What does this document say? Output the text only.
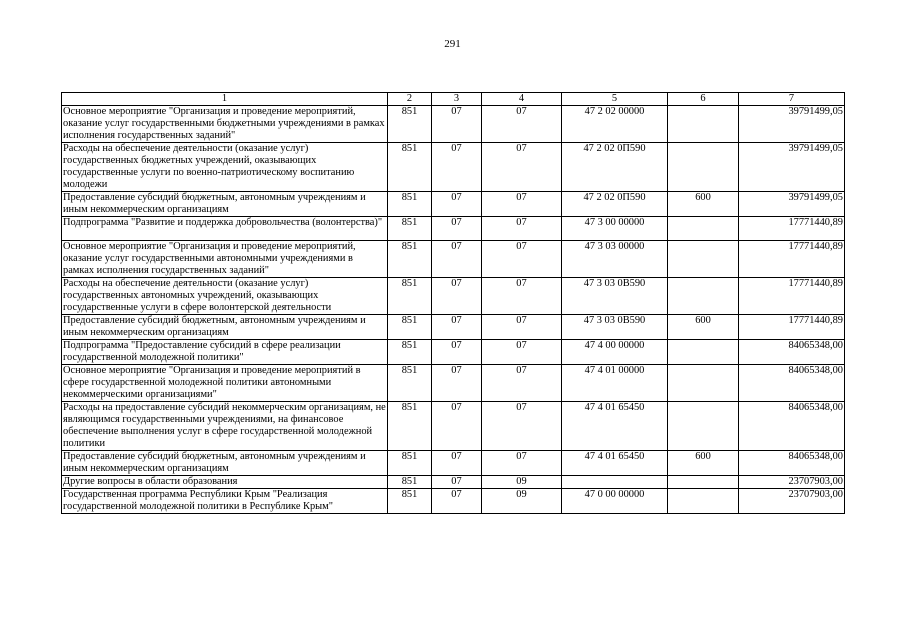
291
1	2	3	4	5	6	7
Основное мероприятие "Организация и проведение мероприятий, оказание услуг государственными бюджетными учреждениями в рамках исполнения государственных заданий"	851	07	07	47 2 02 00000		39791499,05
Расходы на обеспечение деятельности (оказание услуг) государственных бюджетных учреждений, оказывающих государственные услуги по военно-патриотическому воспитанию молодежи	851	07	07	47 2 02 0П590		39791499,05
Предоставление субсидий бюджетным, автономным учреждениям и иным некоммерческим организациям	851	07	07	47 2 02 0П590	600	39791499,05
Подпрограмма "Развитие и поддержка добровольчества (волонтерства)"	851	07	07	47 3 00 00000		17771440,89
Основное мероприятие "Организация и проведение мероприятий, оказание услуг государственными автономными учреждениями в рамках исполнения государственных заданий"	851	07	07	47 3 03 00000		17771440,89
Расходы на обеспечение деятельности (оказание услуг) государственных автономных учреждений, оказывающих государственные услуги в сфере волонтерской деятельности	851	07	07	47 3 03 0В590		17771440,89
Предоставление субсидий бюджетным, автономным учреждениям и иным некоммерческим организациям	851	07	07	47 3 03 0В590	600	17771440,89
Подпрограмма "Предоставление субсидий в сфере реализации государственной молодежной политики"	851	07	07	47 4 00 00000		84065348,00
Основное мероприятие "Организация и проведение мероприятий в сфере государственной молодежной политики автономными некоммерческими организациями"	851	07	07	47 4 01 00000		84065348,00
Расходы на предоставление субсидий некоммерческим организациям, не являющимся государственными учреждениями, на финансовое обеспечение выполнения услуг в сфере государственной молодежной политики	851	07	07	47 4 01 65450		84065348,00
Предоставление субсидий бюджетным, автономным учреждениям и иным некоммерческим организациям	851	07	07	47 4 01 65450	600	84065348,00
Другие вопросы в области образования	851	07	09			23707903,00
Государственная программа Республики Крым "Реализация государственной молодежной политики в Республике Крым"	851	07	09	47 0 00 00000		23707903,00
